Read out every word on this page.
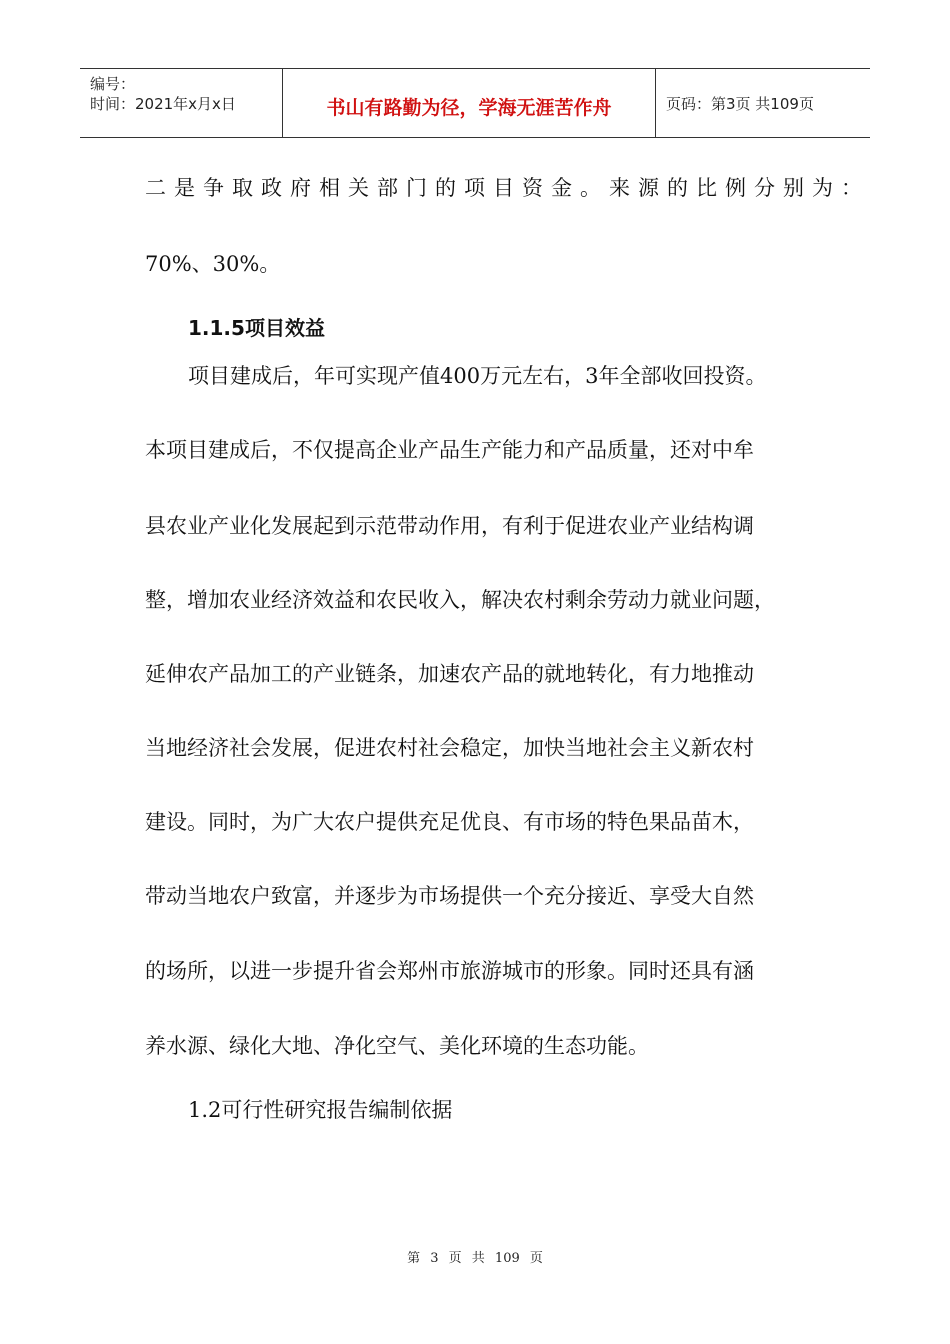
编号：
时间：2021年x月x日	书山有路勤为径，学海无涯苦作舟	页码：第3页 共109页
二是争取政府相关部门的项目资金。来源的比例分别为：
70%、30%。
1.1.5项目效益
项目建成后，年可实现产值400万元左右，3年全部收回投资。
本项目建成后，不仅提高企业产品生产能力和产品质量，还对中牟
县农业产业化发展起到示范带动作用，有利于促进农业产业结构调
整，增加农业经济效益和农民收入，解决农村剩余劳动力就业问题，
延伸农产品加工的产业链条，加速农产品的就地转化，有力地推动
当地经济社会发展，促进农村社会稳定，加快当地社会主义新农村
建设。同时，为广大农户提供充足优良、有市场的特色果品苗木，
带动当地农户致富，并逐步为市场提供一个充分接近、享受大自然
的场所，以进一步提升省会郑州市旅游城市的形象。同时还具有涵
养水源、绿化大地、净化空气、美化环境的生态功能。
1.2可行性研究报告编制依据
第 3 页 共 109 页
